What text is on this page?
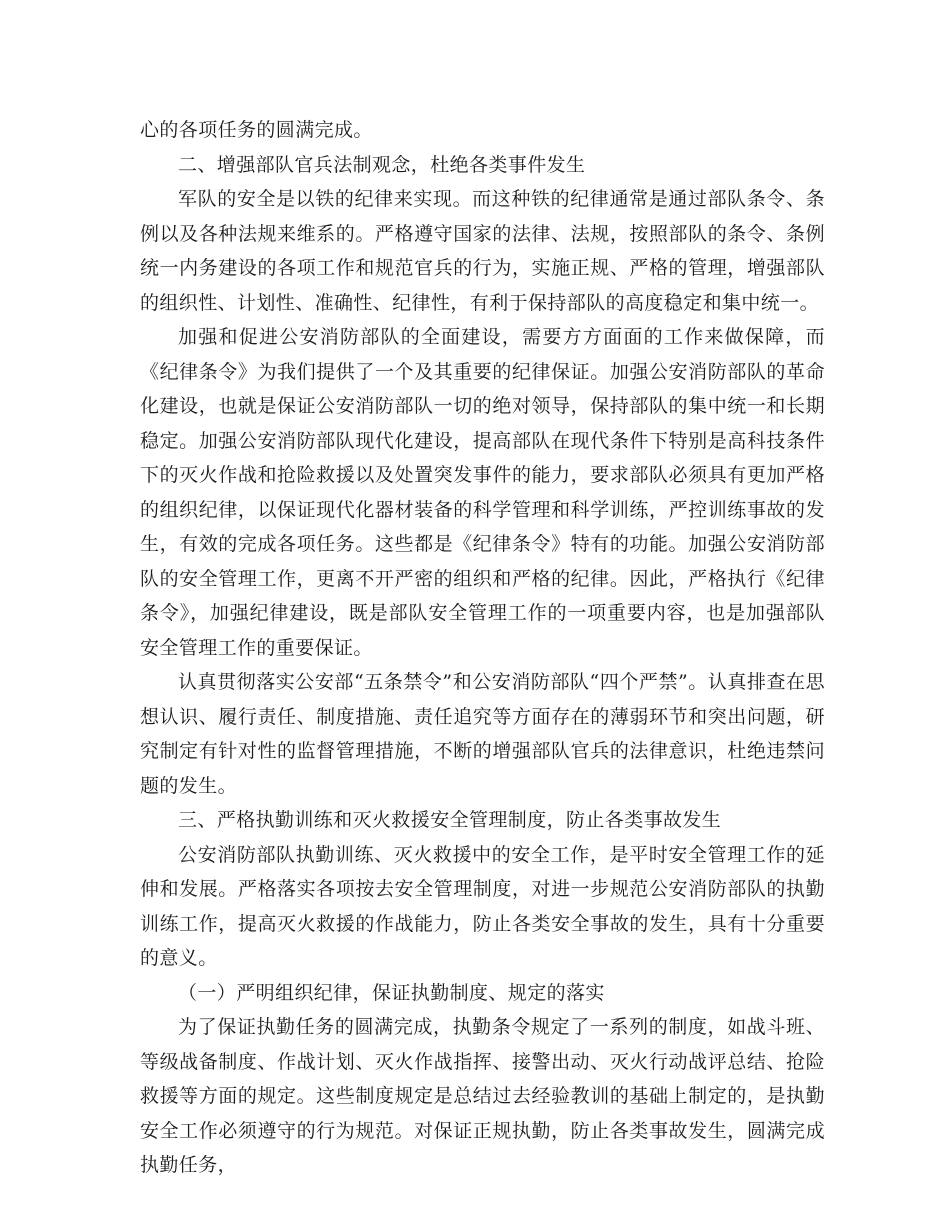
心的各项任务的圆满完成。

二、增强部队官兵法制观念，杜绝各类事件发生

军队的安全是以铁的纪律来实现。而这种铁的纪律通常是通过部队条令、条例以及各种法规来维系的。严格遵守国家的法律、法规，按照部队的条令、条例统一内务建设的各项工作和规范官兵的行为，实施正规、严格的管理，增强部队的组织性、计划性、准确性、纪律性，有利于保持部队的高度稳定和集中统一。

加强和促进公安消防部队的全面建设，需要方方面面的工作来做保障，而《纪律条令》为我们提供了一个及其重要的纪律保证。加强公安消防部队的革命化建设，也就是保证公安消防部队一切的绝对领导，保持部队的集中统一和长期稳定。加强公安消防部队现代化建设，提高部队在现代条件下特别是高科技条件下的灭火作战和抢险救援以及处置突发事件的能力，要求部队必须具有更加严格的组织纪律，以保证现代化器材装备的科学管理和科学训练，严控训练事故的发生，有效的完成各项任务。这些都是《纪律条令》特有的功能。加强公安消防部队的安全管理工作，更离不开严密的组织和严格的纪律。因此，严格执行《纪律条令》，加强纪律建设，既是部队安全管理工作的一项重要内容，也是加强部队安全管理工作的重要保证。

认真贯彻落实公安部“五条禁令”和公安消防部队“四个严禁”。认真排查在思想认识、履行责任、制度措施、责任追究等方面存在的薄弱环节和突出问题，研究制定有针对性的监督管理措施，不断的增强部队官兵的法律意识，杜绝违禁问题的发生。

三、严格执勤训练和灭火救援安全管理制度，防止各类事故发生

公安消防部队执勤训练、灭火救援中的安全工作，是平时安全管理工作的延伸和发展。严格落实各项按去安全管理制度，对进一步规范公安消防部队的执勤训练工作，提高灭火救援的作战能力，防止各类安全事故的发生，具有十分重要的意义。

（一）严明组织纪律，保证执勤制度、规定的落实

为了保证执勤任务的圆满完成，执勤条令规定了一系列的制度，如战斗班、等级战备制度、作战计划、灭火作战指挥、接警出动、灭火行动战评总结、抢险救援等方面的规定。这些制度规定是总结过去经验教训的基础上制定的，是执勤安全工作必须遵守的行为规范。对保证正规执勤，防止各类事故发生，圆满完成执勤任务，
